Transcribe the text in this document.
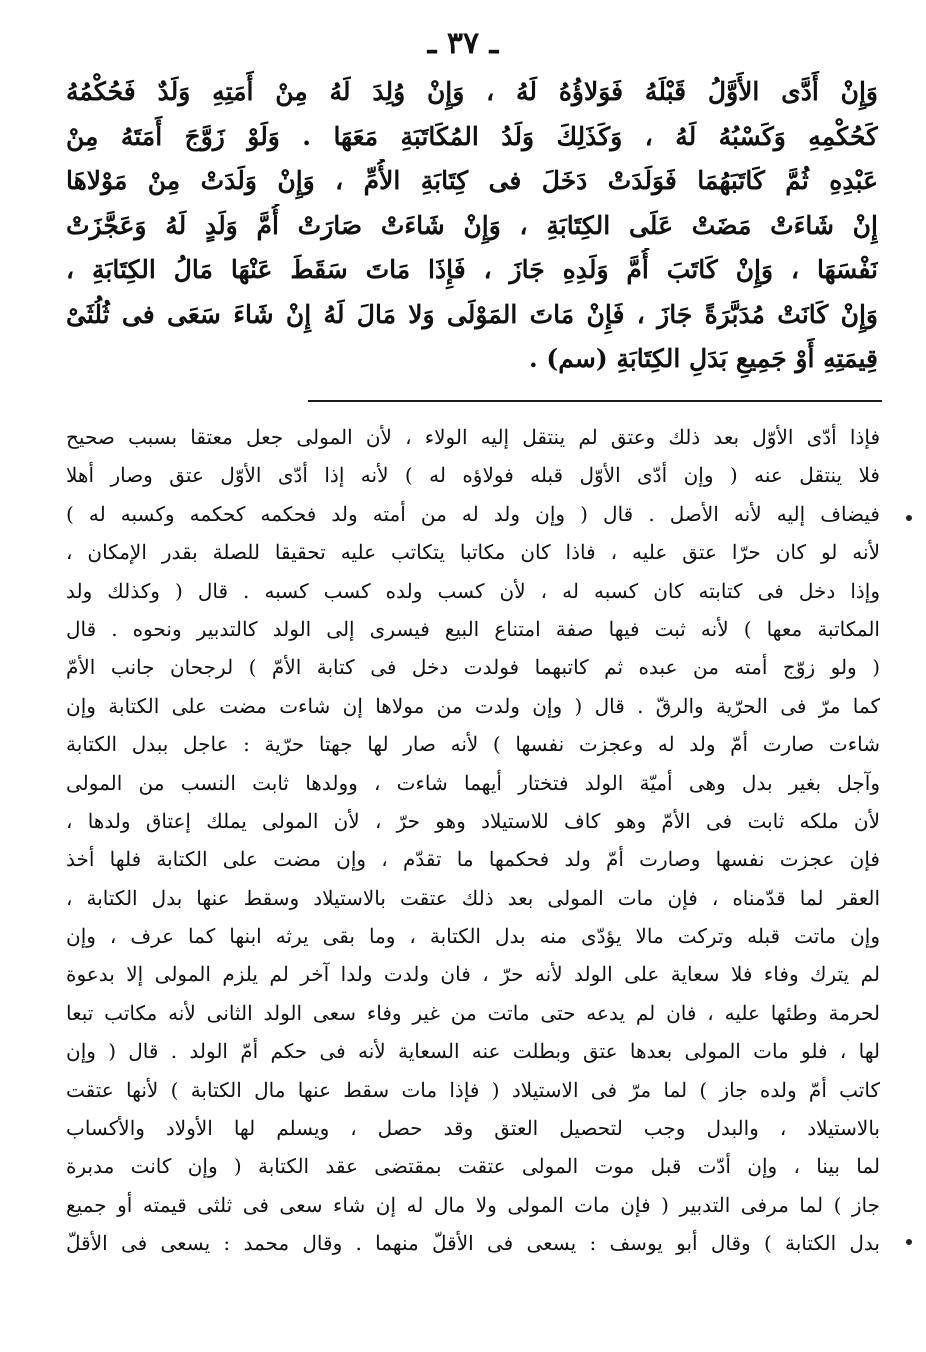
ـ ٣٧ ـ
وَإِنْ أَدَّى الأَوَّلُ قَبْلَهُ فَوَلاؤُهُ لَهُ ، وَإِنْ وُلِدَ لَهُ مِنْ أَمَتِهِ وَلَدٌ فَحُكْمُهُ
كَحُكْمِهِ وَكَسْبُهُ لَهُ ، وَكَذَلِكَ وَلَدُ المُكَاتَبَةِ مَعَهَا . وَلَوْ زَوَّجَ أَمَتَهُ مِنْ
عَبْدِهِ ثُمَّ كَاتَبَهُمَا فَوَلَدَتْ دَخَلَ فى كِتَابَةِ الأُمِّ ، وَإِنْ وَلَدَتْ مِنْ مَوْلاهَا
إِنْ شَاءَتْ مَضَتْ عَلَى الكِتَابَةِ ، وَإِنْ شَاءَتْ صَارَتْ أُمَّ وَلَدٍ لَهُ وَعَجَّزَتْ
نَفْسَهَا ، وَإِنْ كَاتَبَ أُمَّ وَلَدِهِ جَازَ ، فَإِذَا مَاتَ سَقَطَ عَنْهَا مَالُ الكِتَابَةِ ،
وَإِنْ كَانَتْ مُدَبَّرَةً جَازَ ، فَإِنْ مَاتَ المَوْلَى وَلا مَالَ لَهُ إِنْ شَاءَ سَعَى فى ثُلُثَىْ
قِيمَتِهِ أَوْ جَمِيعِ بَدَلِ الكِتَابَةِ (سم) .
فإذا أدّى الأوّل بعد ذلك وعتق لم ينتقل إليه الولاء ، لأن المولى جعل معتقا بسبب صحيح
فلا ينتقل عنه ( وإن أدّى الأوّل قبله فولاؤه له ) لأنه إذا أدّى الأوّل عتق وصار أهلا
فيضاف إليه لأنه الأصل . قال ( وإن ولد له من أمته ولد فحكمه كحكمه وكسبه له )
لأنه لو كان حرّا عتق عليه ، فاذا كان مكاتبا يتكاتب عليه تحقيقا للصلة بقدر الإمكان ،
وإذا دخل فى كتابته كان كسبه له ، لأن كسب ولده كسب كسبه . قال ( وكذلك ولد
المكاتبة معها ) لأنه ثبت فيها صفة امتناع البيع فيسرى إلى الولد كالتدبير ونحوه . قال
( ولو زوّج أمته من عبده ثم كاتبهما فولدت دخل فى كتابة الأمّ ) لرجحان جانب الأمّ
كما مرّ فى الحرّية والرقّ . قال ( وإن ولدت من مولاها إن شاءت مضت على الكتابة وإن
شاءت صارت أمّ ولد له وعجزت نفسها ) لأنه صار لها جهتا حرّية : عاجل ببدل الكتابة
وآجل بغير بدل وهى أميّة الولد فتختار أيهما شاءت ، وولدها ثابت النسب من المولى
لأن ملكه ثابت فى الأمّ وهو كاف للاستيلاد وهو حرّ ، لأن المولى يملك إعتاق ولدها ،
فإن عجزت نفسها وصارت أمّ ولد فحكمها ما تقدّم ، وإن مضت على الكتابة فلها أخذ
العقر لما قدّمناه ، فإن مات المولى بعد ذلك عتقت بالاستيلاد وسقط عنها بدل الكتابة ،
وإن ماتت قبله وتركت مالا يؤدّى منه بدل الكتابة ، وما بقى يرثه ابنها كما عرف ، وإن
لم يترك وفاء فلا سعاية على الولد لأنه حرّ ، فان ولدت ولدا آخر لم يلزم المولى إلا بدعوة
لحرمة وطئها عليه ، فان لم يدعه حتى ماتت من غير وفاء سعى الولد الثانى لأنه مكاتب تبعا
لها ، فلو مات المولى بعدها عتق وبطلت عنه السعاية لأنه فى حكم أمّ الولد . قال ( وإن
كاتب أمّ ولده جاز ) لما مرّ فى الاستيلاد ( فإذا مات سقط عنها مال الكتابة ) لأنها عتقت
بالاستيلاد ، والبدل وجب لتحصيل العتق وقد حصل ، ويسلم لها الأولاد والأكساب
لما بينا ، وإن أدّت قبل موت المولى عتقت بمقتضى عقد الكتابة ( وإن كانت مدبرة
جاز ) لما مرفى التدبير ( فإن مات المولى ولا مال له إن شاء سعى فى ثلثى قيمته أو جميع
بدل الكتابة ) وقال أبو يوسف : يسعى فى الأقلّ منهما . وقال محمد : يسعى فى الأقلّ
